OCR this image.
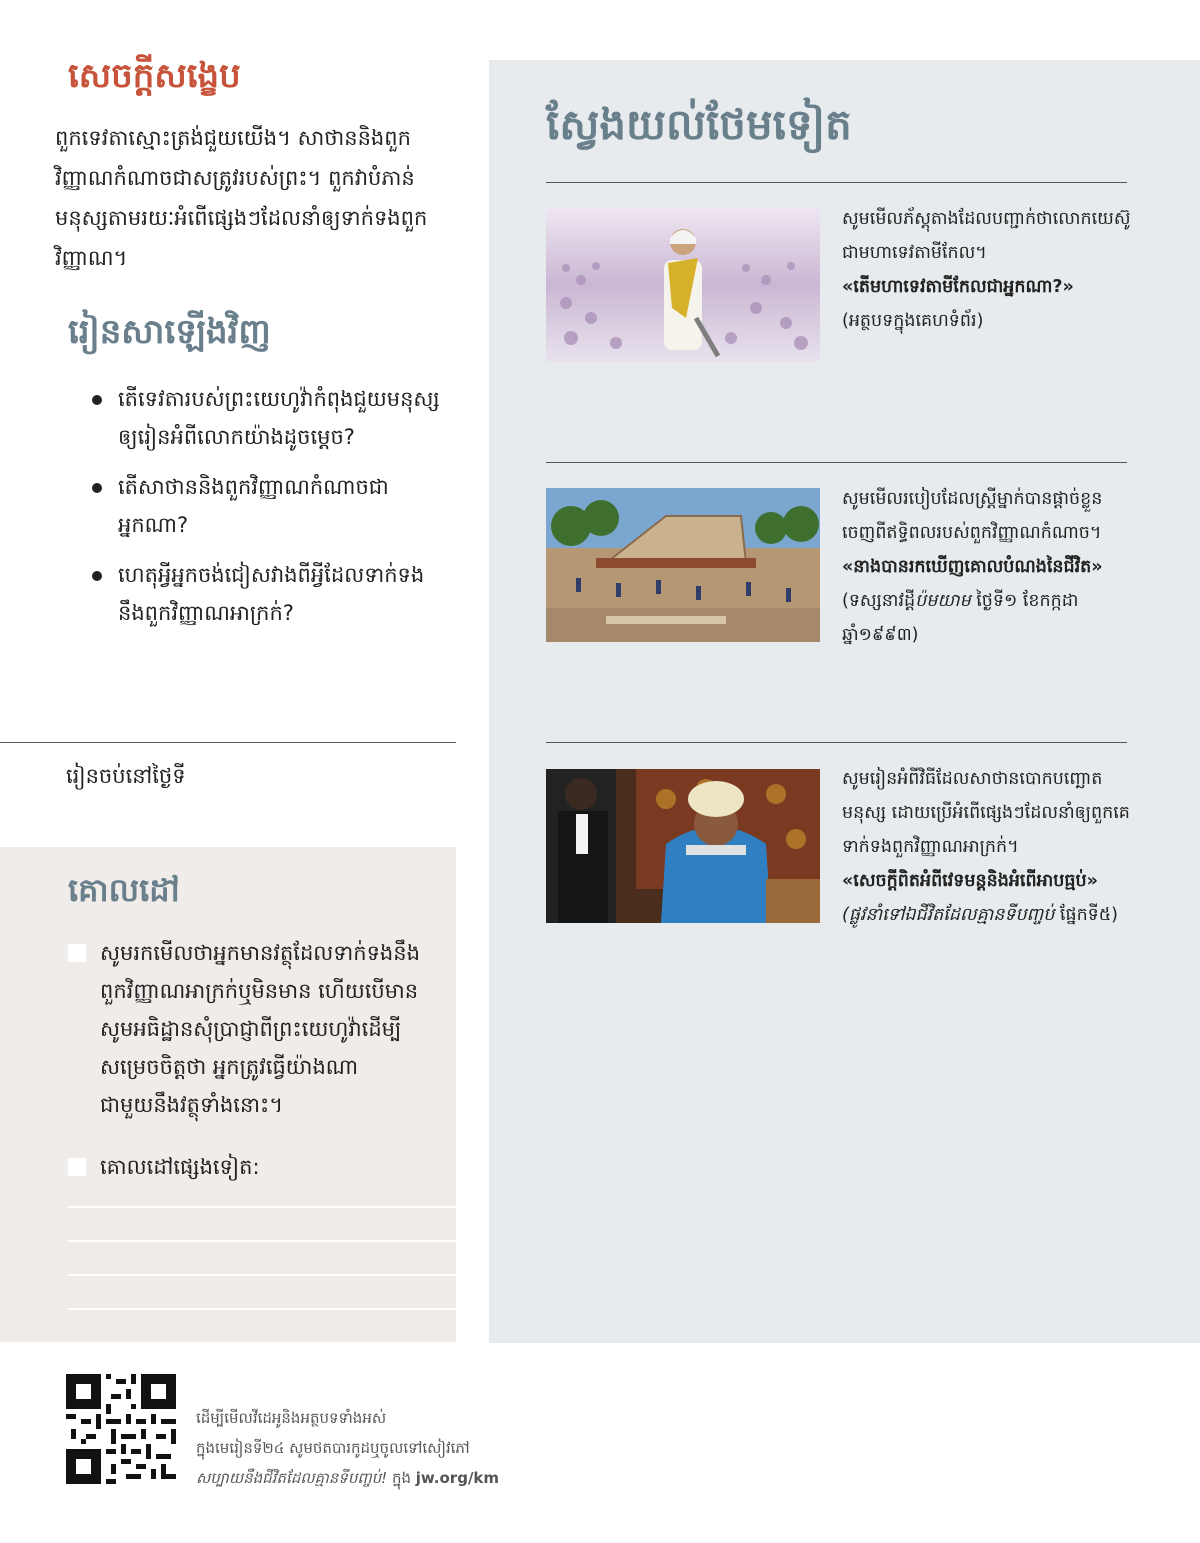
សេចក្ដីសង្ខេប
ពួកទេវតាស្មោះត្រង់ជួយយើង។ សាថាននិងពួកវិញ្ញាណកំណាចជាសត្រូវរបស់ព្រះ។ ពួកវាបំភាន់មនុស្សតាមរយៈអំពើផ្សេងៗដែលនាំឲ្យទាក់ទងពួកវិញ្ញាណ។
រៀនសាឡើងវិញ
តើទេវតារបស់ព្រះយេហូវ៉ាកំពុងជួយមនុស្សឲ្យរៀនអំពីលោកយ៉ាងដូចម្ដេច?
តើសាថាននិងពួកវិញ្ញាណកំណាចជាអ្នកណា?
ហេតុអ្វីអ្នកចង់ជៀសវាងពីអ្វីដែលទាក់ទង
នឹងពួកវិញ្ញាណអាក្រក់?
រៀនចប់នៅថ្ងៃទី
គោលដៅ
សូមរកមើលថាអ្នកមានវត្ថុដែលទាក់ទងនឹងពួកវិញ្ញាណអាក្រក់ឬមិនមាន ហើយបើមាន សូមអធិដ្ឋានសុំប្រាជ្ញាពីព្រះយេហូវ៉ាដើម្បីសម្រេចចិត្តថា អ្នកត្រូវធ្វើយ៉ាងណាជាមួយនឹងវត្ថុទាំងនោះ។
គោលដៅផ្សេងទៀត:
ស្វែងយល់ថែមទៀត
សូមមើលភ័ស្ដុតាងដែលបញ្ជាក់ថាលោកយេស៊ូជាមហាទេវតាមីកែល។
«តើមហាទេវតាមីកែលជាអ្នកណា?»
(អត្ថបទក្នុងគេហទំព័រ)
សូមមើលរបៀបដែលស្ត្រីម្នាក់បានផ្ដាច់ខ្លួនចេញពីឥទ្ធិពលរបស់ពួកវិញ្ញាណកំណាច។
«នាងបានរកឃើញគោលបំណងនៃជីវិត» (ទស្សនាវដ្ដីប៉មយាម ថ្ងៃទី១ ខែកក្កដា ឆ្នាំ១៩៩៣)
សូមរៀនអំពីវិធីដែលសាថានបោកបញ្ឆោតមនុស្ស ដោយប្រើអំពើផ្សេងៗដែលនាំឲ្យពួកគេទាក់ទងពួកវិញ្ញាណអាក្រក់។
«សេចក្ដីពិតអំពីវេទមន្តនិងអំពើអាបធ្មប់»
(ផ្លូវនាំទៅឯជីវិតដែលគ្មានទីបញ្ចប់ ផ្នែកទី៥)
ដើម្បីមើលវីដេអូនិងអត្ថបទទាំងអស់
ក្នុងមេរៀនទី២៤ សូមថតបារកូដឬចូលទៅសៀវភៅ
សប្បាយនឹងជីវិតដែលគ្មានទីបញ្ចប់! ក្នុង jw.org/km
